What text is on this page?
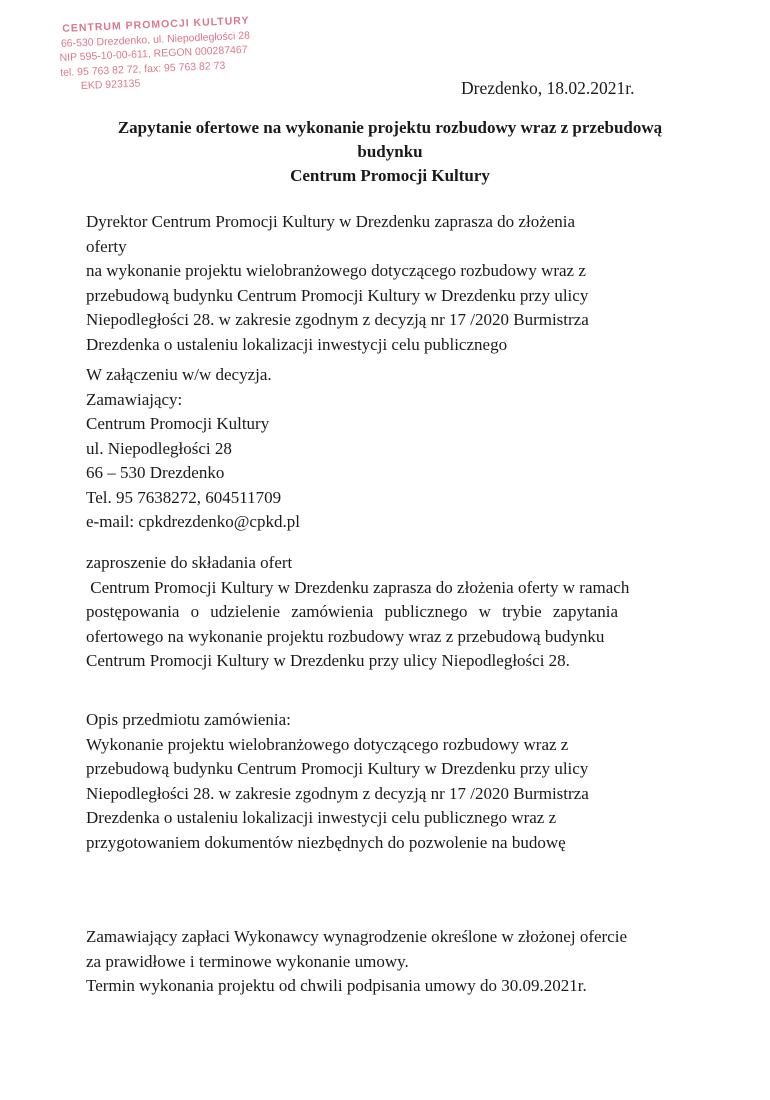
CENTRUM PROMOCJI KULTURY
66-530 Drezdenko, ul. Niepodległości 28
NIP 595-10-00-611, REGON 000287467
tel. 95 763 82 72, fax: 95 763 82 73
EKD 923135	Drezdenko, 18.02.2021r.
Zapytanie ofertowe na wykonanie projektu rozbudowy wraz z przebudową
budynku
Centrum Promocji Kultury
Dyrektor Centrum Promocji Kultury w Drezdenku zaprasza do złożenia oferty
na wykonanie projektu wielobranżowego dotyczącego rozbudowy wraz z
przebudową budynku Centrum Promocji Kultury w Drezdenku przy ulicy
Niepodległości 28. w zakresie zgodnym z decyzją nr 17 /2020 Burmistrza
Drezdenka o ustaleniu lokalizacji inwestycji celu publicznego
W załączeniu w/w decyzja.
Zamawiający:
Centrum Promocji Kultury
ul. Niepodległości 28
66 – 530 Drezdenko
Tel. 95 7638272, 604511709
e-mail: cpkdrezdenko@cpkd.pl
zaproszenie do składania ofert
Centrum Promocji Kultury w Drezdenku zaprasza do złożenia oferty w ramach
postępowania o udzielenie zamówienia publicznego w trybie zapytania
ofertowego na wykonanie projektu rozbudowy wraz z przebudową budynku
Centrum Promocji Kultury w Drezdenku przy ulicy Niepodległości 28.
Opis przedmiotu zamówienia:
Wykonanie projektu wielobranżowego dotyczącego rozbudowy wraz z
przebudową budynku Centrum Promocji Kultury w Drezdenku przy ulicy
Niepodległości 28. w zakresie zgodnym z decyzją nr 17 /2020 Burmistrza
Drezdenka o ustaleniu lokalizacji inwestycji celu publicznego wraz z
przygotowaniem dokumentów niezbędnych do pozwolenie na budowę
Zamawiający zapłaci Wykonawcy wynagrodzenie określone w złożonej ofercie
za prawidłowe i terminowe wykonanie umowy.
Termin wykonania projektu od chwili podpisania umowy do 30.09.2021r.
